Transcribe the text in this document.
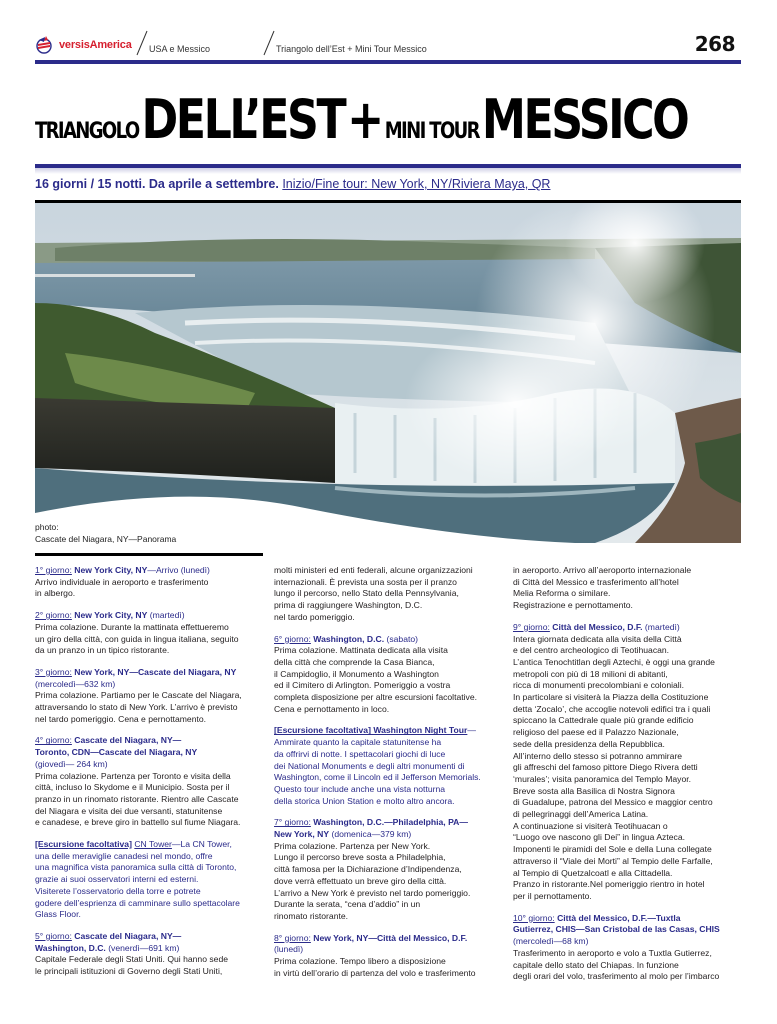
versisAmerica USA e Messico	Triangolo dell’Est + Mini Tour Messico	268
TRIANGOLO DELL’EST + MINI TOUR MESSICO
16 giorni / 15 notti. Da aprile a settembre. Inizio/Fine tour: New York, NY/Riviera Maya, QR
photo:
Cascate del Niagara, NY—Panorama
1° giorno: New York City, NY—Arrivo (lunedì)
Arrivo individuale in aeroporto e trasferimento
in albergo.
2° giorno: New York City, NY (martedì)
Prima colazione. Durante la mattinata effettueremo
un giro della città, con guida in lingua italiana, seguito
da un pranzo in un tipico ristorante.
3° giorno: New York, NY—Cascate del Niagara, NY
(mercoledì—632 km)
Prima colazione. Partiamo per le Cascate del Niagara,
attraversando lo stato di New York. L’arrivo è previsto
nel tardo pomeriggio. Cena e pernottamento.
4° giorno: Cascate del Niagara, NY—
Toronto, CDN—Cascate del Niagara, NY
(giovedì— 264 km)
Prima colazione. Partenza per Toronto e visita della
città, incluso lo Skydome e il Municipio. Sosta per il
pranzo in un rinomato ristorante. Rientro alle Cascate
del Niagara e visita dei due versanti, statunitense
e canadese, e breve giro in battello sul fiume Niagara.
[Escursione facoltativa] CN Tower—La CN Tower,
una delle meraviglie canadesi nel mondo, offre
una magnifica vista panoramica sulla città di Toronto,
grazie ai suoi osservatori interni ed esterni.
Visiterete l’osservatorio della torre e potrete
godere dell’esprienza di camminare sullo spettacolare
Glass Floor.
5° giorno: Cascate del Niagara, NY—
Washington, D.C. (venerdì—691 km)
Capitale Federale degli Stati Uniti. Qui hanno sede
le principali istituzioni di Governo degli Stati Uniti,
molti ministeri ed enti federali, alcune organizzazioni
internazionali. È prevista una sosta per il pranzo
lungo il percorso, nello Stato della Pennsylvania,
prima di raggiungere Washington, D.C.
nel tardo pomeriggio.
6° giorno: Washington, D.C. (sabato)
Prima colazione. Mattinata dedicata alla visita
della città che comprende la Casa Bianca,
il Campidoglio, il Monumento a Washington
ed il Cimitero di Arlington. Pomeriggio a vostra
completa disposizione per altre escursioni facoltative.
Cena e pernottamento in loco.
[Escursione facoltativa] Washington Night Tour—
Ammirate quanto la capitale statunitense ha
da offrirvi di notte. I spettacolari giochi di luce
dei National Monuments e degli altri monumenti di
Washington, come il Lincoln ed il Jefferson Memorials.
Questo tour include anche una vista notturna
della storica Union Station e molto altro ancora.
7° giorno: Washington, D.C.—Philadelphia, PA—
New York, NY (domenica—379 km)
Prima colazione. Partenza per New York.
Lungo il percorso breve sosta a Philadelphia,
città famosa per la Dichiarazione d’Indipendenza,
dove verrà effettuato un breve giro della città.
L’arrivo a New York è previsto nel tardo pomeriggio.
Durante la serata, “cena d’addio” in un
rinomato ristorante.
8° giorno: New York, NY—Città del Messico, D.F.
(lunedì)
Prima colazione. Tempo libero a disposizione
in virtù dell’orario di partenza del volo e trasferimento
in aeroporto. Arrivo all’aeroporto internazionale
di Città del Messico e trasferimento all’hotel
Melia Reforma o similare.
Registrazione e pernottamento.
9° giorno: Città del Messico, D.F. (martedì)
Intera giornata dedicata alla visita della Città
e del centro archeologico di Teotihuacan.
L’antica Tenochtitlan degli Aztechi, è oggi una grande
metropoli con più di 18 milioni di abitanti,
ricca di monumenti precolombiani e coloniali.
In particolare si visiterà la Piazza della Costituzione
detta ‘Zocalo’, che accoglie notevoli edifici tra i quali
spiccano la Cattedrale quale più grande edificio
religioso del paese ed il Palazzo Nazionale,
sede della presidenza della Repubblica.
All’interno dello stesso si potranno ammirare
gli affreschi del famoso pittore Diego Rivera detti
‘murales’; visita panoramica del Templo Mayor.
Breve sosta alla Basilica di Nostra Signora
di Guadalupe, patrona del Messico e maggior centro
di pellegrinaggi dell’America Latina.
A continuazione si visiterà Teotihuacan o
“Luogo ove nascono gli Dei” in lingua Azteca.
Imponenti le piramidi del Sole e della Luna collegate
attraverso il “Viale dei Morti” al Tempio delle Farfalle,
al Tempio di Quetzalcoatl e alla Cittadella.
Pranzo in ristorante.Nel pomeriggio rientro in hotel
per il pernottamento.
10° giorno: Città del Messico, D.F.—Tuxtla
Gutierrez, CHIS—San Cristobal de las Casas, CHIS
(mercoledì—68 km)
Trasferimento in aeroporto e volo a Tuxtla Gutierrez,
capitale dello stato del Chiapas. In funzione
degli orari del volo, trasferimento al molo per l’imbarco
